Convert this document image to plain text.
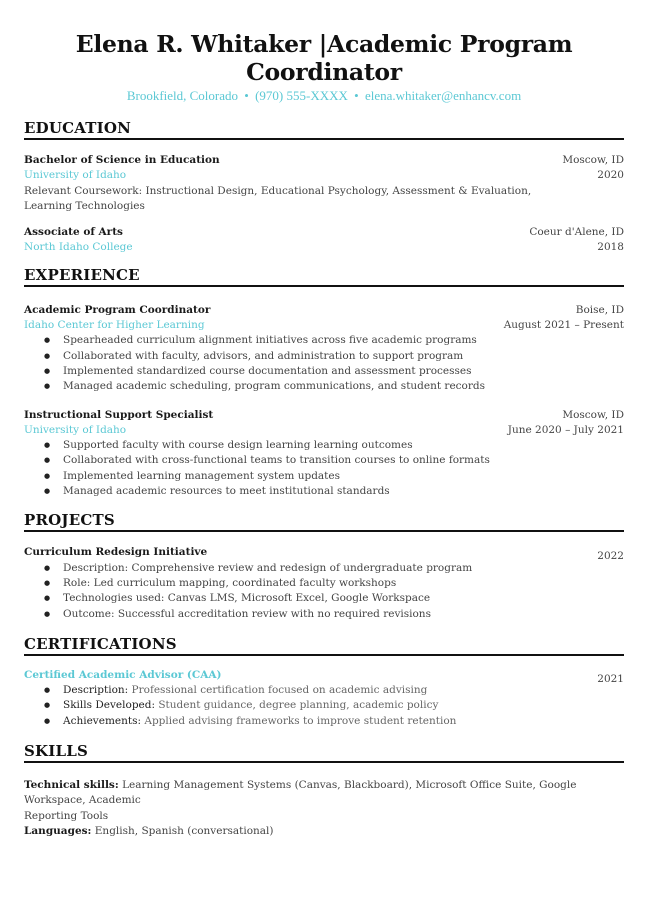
Elena R. Whitaker |Academic Program Coordinator
Brookfield, Colorado • (970) 555-XXXX • elena.whitaker@enhancv.com
EDUCATION
Moscow, ID
2020
Bachelor of Science in Education
University of Idaho
Relevant Coursework: Instructional Design, Educational Psychology, Assessment & Evaluation,
Learning Technologies
Coeur d'Alene, ID
2018
Associate of Arts
North Idaho College
EXPERIENCE
Boise, ID
August 2021 – Present
Academic Program Coordinator
Idaho Center for Higher Learning
● Spearheaded curriculum alignment initiatives across five academic programs
● Collaborated with faculty, advisors, and administration to support program
● Implemented standardized course documentation and assessment processes
● Managed academic scheduling, program communications, and student records
Moscow, ID
June 2020 – July 2021
Instructional Support Specialist
University of Idaho
● Supported faculty with course design learning learning outcomes
● Collaborated with cross-functional teams to transition courses to online formats
● Implemented learning management system updates
● Managed academic resources to meet institutional standards
PROJECTS
2022
Curriculum Redesign Initiative
● Description: Comprehensive review and redesign of undergraduate program
● Role: Led curriculum mapping, coordinated faculty workshops
● Technologies used: Canvas LMS, Microsoft Excel, Google Workspace
● Outcome: Successful accreditation review with no required revisions
CERTIFICATIONS
2021
Certified Academic Advisor (CAA)
● Description: Professional certification focused on academic advising
● Skills Developed: Student guidance, degree planning, academic policy
● Achievements: Applied advising frameworks to improve student retention
SKILLS
Technical skills: Learning Management Systems (Canvas, Blackboard), Microsoft Office Suite, Google Workspace, Academic
Reporting Tools
Languages: English, Spanish (conversational)
